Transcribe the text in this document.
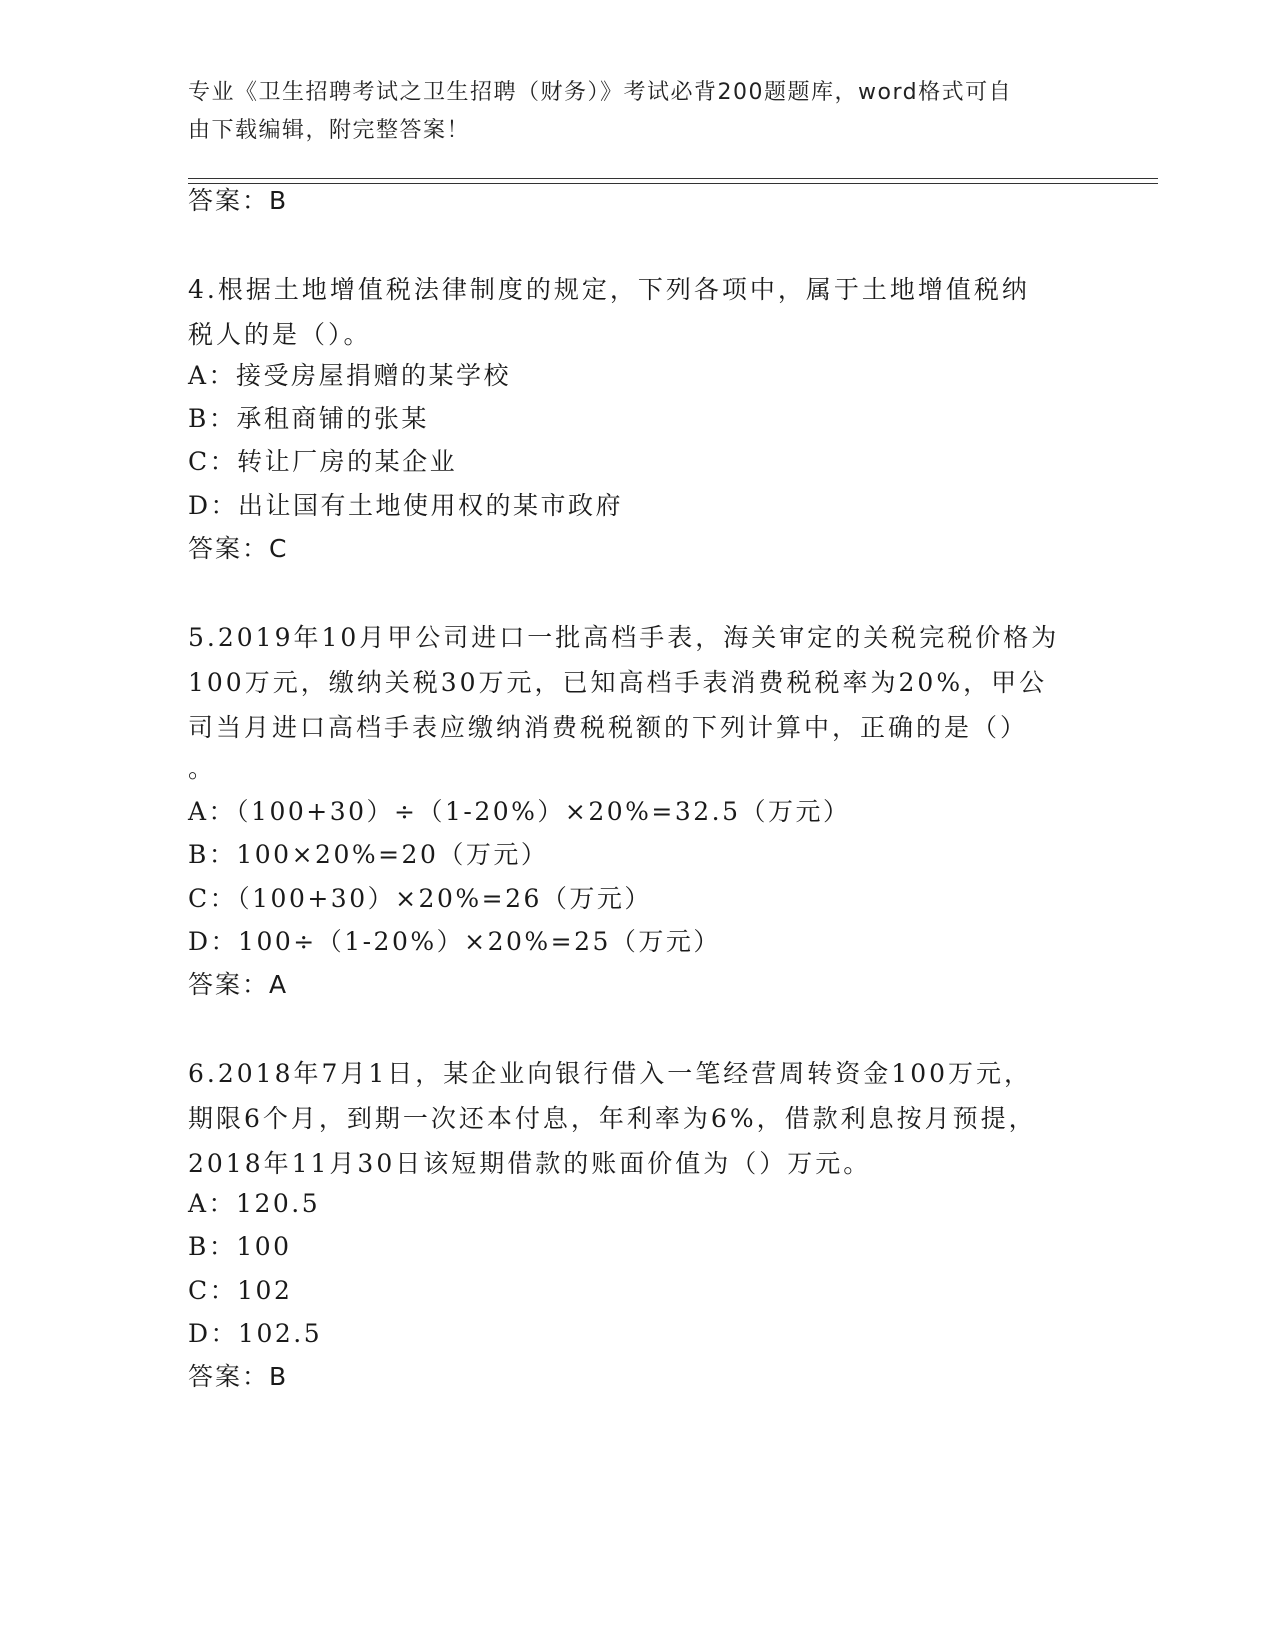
专业《卫生招聘考试之卫生招聘（财务）》考试必背200题题库，word格式可自
由下载编辑，附完整答案！
答案：B
4.根据土地增值税法律制度的规定，下列各项中，属于土地增值税纳
税人的是（）。
A：接受房屋捐赠的某学校
B：承租商铺的张某
C：转让厂房的某企业
D：出让国有土地使用权的某市政府
答案：C
5.2019年10月甲公司进口一批高档手表，海关审定的关税完税价格为
100万元，缴纳关税30万元，已知高档手表消费税税率为20%，甲公
司当月进口高档手表应缴纳消费税税额的下列计算中，正确的是（）
。
A：（100+30）÷（1-20%）×20%=32.5（万元）
B：100×20%=20（万元）
C：（100+30）×20%=26（万元）
D：100÷（1-20%）×20%=25（万元）
答案：A
6.2018年7月1日，某企业向银行借入一笔经营周转资金100万元，
期限6个月，到期一次还本付息，年利率为6%，借款利息按月预提，
2018年11月30日该短期借款的账面价值为（）万元。
A：120.5
B：100
C：102
D：102.5
答案：B
